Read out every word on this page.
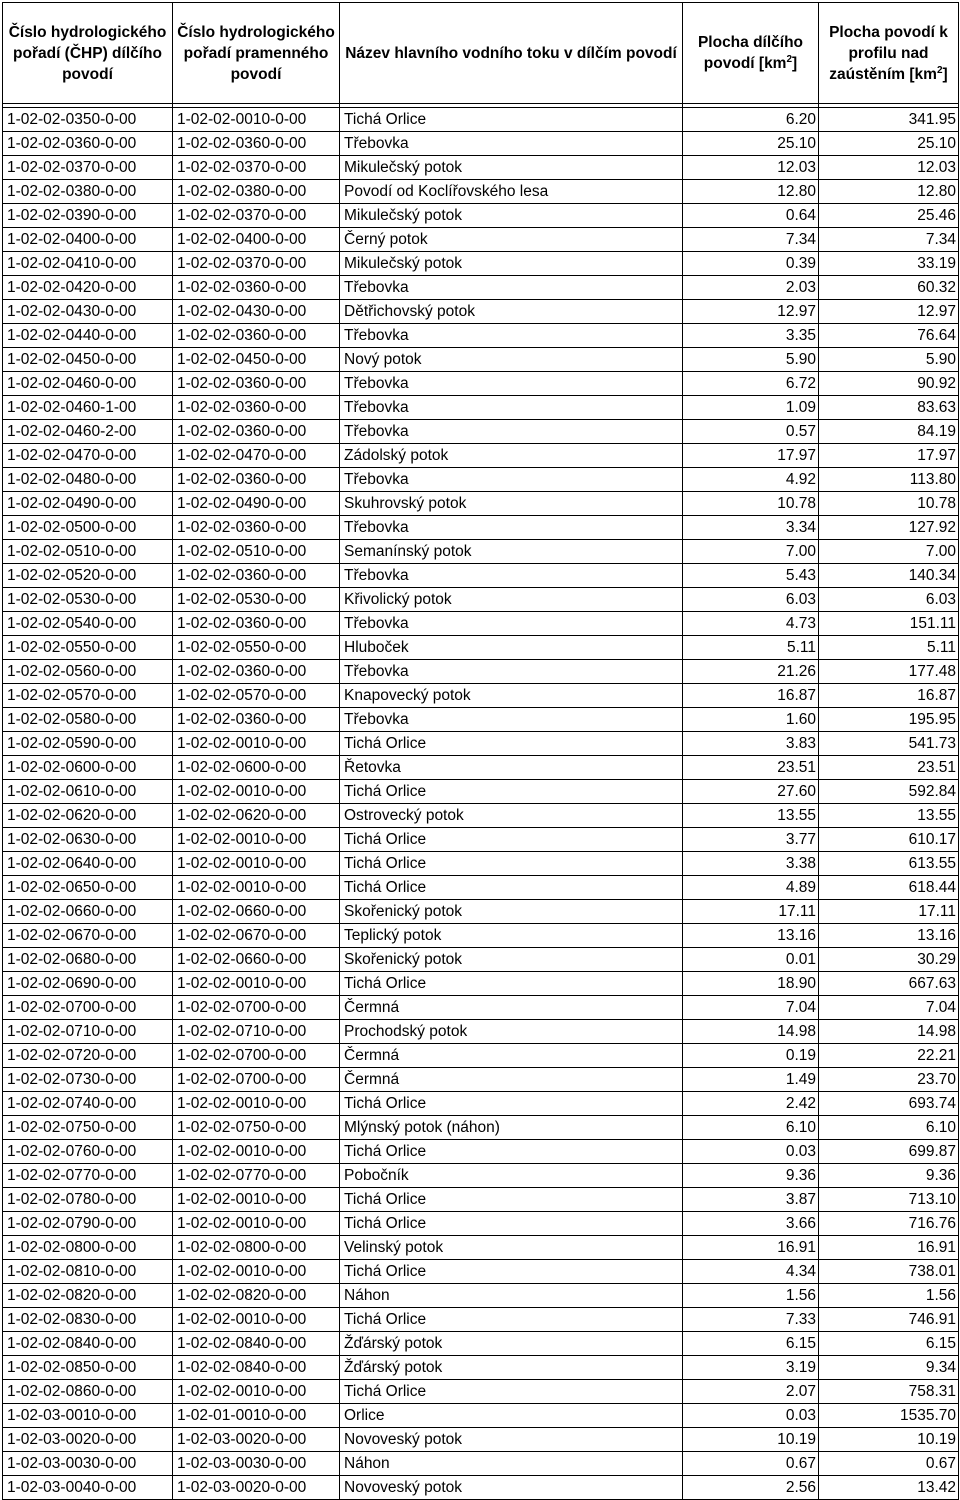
Číslo hydrologického pořadí (ČHP) dílčího povodí	Číslo hydrologického pořadí pramenného povodí	Název hlavního vodního toku v dílčím povodí	Plocha dílčího povodí $[km^2]$	Plocha povodí k profilu nad zaústěním $[km^2]$

1-02-02-0350-0-00	1-02-02-0010-0-00	Tichá Orlice	6.20	341.95
1-02-02-0360-0-00	1-02-02-0360-0-00	Třebovka	25.10	25.10
1-02-02-0370-0-00	1-02-02-0370-0-00	Mikulečský potok	12.03	12.03
1-02-02-0380-0-00	1-02-02-0380-0-00	Povodí od Koclířovského lesa	12.80	12.80
1-02-02-0390-0-00	1-02-02-0370-0-00	Mikulečský potok	0.64	25.46
1-02-02-0400-0-00	1-02-02-0400-0-00	Černý potok	7.34	7.34
1-02-02-0410-0-00	1-02-02-0370-0-00	Mikulečský potok	0.39	33.19
1-02-02-0420-0-00	1-02-02-0360-0-00	Třebovka	2.03	60.32
1-02-02-0430-0-00	1-02-02-0430-0-00	Dětřichovský potok	12.97	12.97
1-02-02-0440-0-00	1-02-02-0360-0-00	Třebovka	3.35	76.64
1-02-02-0450-0-00	1-02-02-0450-0-00	Nový potok	5.90	5.90
1-02-02-0460-0-00	1-02-02-0360-0-00	Třebovka	6.72	90.92
1-02-02-0460-1-00	1-02-02-0360-0-00	Třebovka	1.09	83.63
1-02-02-0460-2-00	1-02-02-0360-0-00	Třebovka	0.57	84.19
1-02-02-0470-0-00	1-02-02-0470-0-00	Zádolský potok	17.97	17.97
1-02-02-0480-0-00	1-02-02-0360-0-00	Třebovka	4.92	113.80
1-02-02-0490-0-00	1-02-02-0490-0-00	Skuhrovský potok	10.78	10.78
1-02-02-0500-0-00	1-02-02-0360-0-00	Třebovka	3.34	127.92
1-02-02-0510-0-00	1-02-02-0510-0-00	Semanínský potok	7.00	7.00
1-02-02-0520-0-00	1-02-02-0360-0-00	Třebovka	5.43	140.34
1-02-02-0530-0-00	1-02-02-0530-0-00	Křivolický potok	6.03	6.03
1-02-02-0540-0-00	1-02-02-0360-0-00	Třebovka	4.73	151.11
1-02-02-0550-0-00	1-02-02-0550-0-00	Hluboček	5.11	5.11
1-02-02-0560-0-00	1-02-02-0360-0-00	Třebovka	21.26	177.48
1-02-02-0570-0-00	1-02-02-0570-0-00	Knapovecký potok	16.87	16.87
1-02-02-0580-0-00	1-02-02-0360-0-00	Třebovka	1.60	195.95
1-02-02-0590-0-00	1-02-02-0010-0-00	Tichá Orlice	3.83	541.73
1-02-02-0600-0-00	1-02-02-0600-0-00	Řetovka	23.51	23.51
1-02-02-0610-0-00	1-02-02-0010-0-00	Tichá Orlice	27.60	592.84
1-02-02-0620-0-00	1-02-02-0620-0-00	Ostrovecký potok	13.55	13.55
1-02-02-0630-0-00	1-02-02-0010-0-00	Tichá Orlice	3.77	610.17
1-02-02-0640-0-00	1-02-02-0010-0-00	Tichá Orlice	3.38	613.55
1-02-02-0650-0-00	1-02-02-0010-0-00	Tichá Orlice	4.89	618.44
1-02-02-0660-0-00	1-02-02-0660-0-00	Skořenický potok	17.11	17.11
1-02-02-0670-0-00	1-02-02-0670-0-00	Teplický potok	13.16	13.16
1-02-02-0680-0-00	1-02-02-0660-0-00	Skořenický potok	0.01	30.29
1-02-02-0690-0-00	1-02-02-0010-0-00	Tichá Orlice	18.90	667.63
1-02-02-0700-0-00	1-02-02-0700-0-00	Čermná	7.04	7.04
1-02-02-0710-0-00	1-02-02-0710-0-00	Prochodský potok	14.98	14.98
1-02-02-0720-0-00	1-02-02-0700-0-00	Čermná	0.19	22.21
1-02-02-0730-0-00	1-02-02-0700-0-00	Čermná	1.49	23.70
1-02-02-0740-0-00	1-02-02-0010-0-00	Tichá Orlice	2.42	693.74
1-02-02-0750-0-00	1-02-02-0750-0-00	Mlýnský potok (náhon)	6.10	6.10
1-02-02-0760-0-00	1-02-02-0010-0-00	Tichá Orlice	0.03	699.87
1-02-02-0770-0-00	1-02-02-0770-0-00	Pobočník	9.36	9.36
1-02-02-0780-0-00	1-02-02-0010-0-00	Tichá Orlice	3.87	713.10
1-02-02-0790-0-00	1-02-02-0010-0-00	Tichá Orlice	3.66	716.76
1-02-02-0800-0-00	1-02-02-0800-0-00	Velinský potok	16.91	16.91
1-02-02-0810-0-00	1-02-02-0010-0-00	Tichá Orlice	4.34	738.01
1-02-02-0820-0-00	1-02-02-0820-0-00	Náhon	1.56	1.56
1-02-02-0830-0-00	1-02-02-0010-0-00	Tichá Orlice	7.33	746.91
1-02-02-0840-0-00	1-02-02-0840-0-00	Žďárský potok	6.15	6.15
1-02-02-0850-0-00	1-02-02-0840-0-00	Žďárský potok	3.19	9.34
1-02-02-0860-0-00	1-02-02-0010-0-00	Tichá Orlice	2.07	758.31
1-02-03-0010-0-00	1-02-01-0010-0-00	Orlice	0.03	1535.70
1-02-03-0020-0-00	1-02-03-0020-0-00	Novoveský potok	10.19	10.19
1-02-03-0030-0-00	1-02-03-0030-0-00	Náhon	0.67	0.67
1-02-03-0040-0-00	1-02-03-0020-0-00	Novoveský potok	2.56	13.42
